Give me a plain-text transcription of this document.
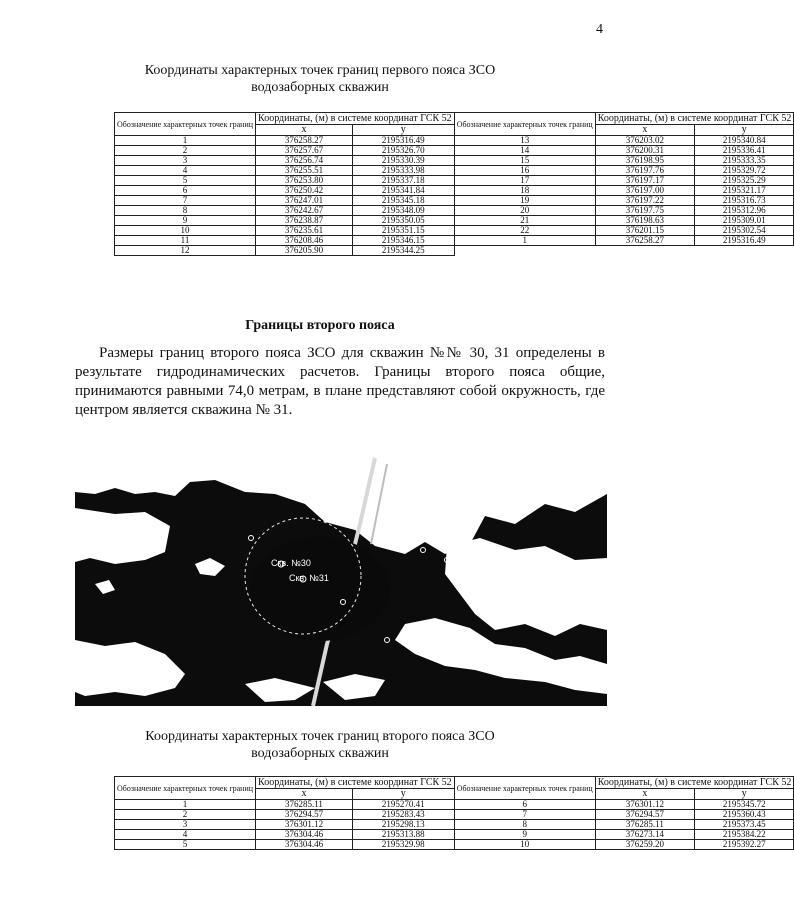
4
Координаты характерных точек границ первого пояса ЗСО
водозаборных скважин
Обозначение характерных точек границ	Координаты, (м) в системе координат ГСК 52		Обозначение характерных точек границ	Координаты, (м) в системе координат ГСК 52	
	x	y		x	y
1	376258.27	2195316.49	13	376203.02	2195340.84
2	376257.67	2195326.70	14	376200.31	2195336.41
3	376256.74	2195330.39	15	376198.95	2195333.35
4	376255.51	2195333.98	16	376197.76	2195329.72
5	376253.80	2195337.18	17	376197.17	2195325.29
6	376250.42	2195341.84	18	376197.00	2195321.17
7	376247.01	2195345.18	19	376197.22	2195316.73
8	376242.67	2195348.09	20	376197.75	2195312.96
9	376238.87	2195350.05	21	376198.63	2195309.01
10	376235.61	2195351.15	22	376201.15	2195302.54
11	376208.46	2195346.15	1	376258.27	2195316.49
12	376205.90	2195344.25			
Границы второго пояса
Размеры границ второго пояса ЗСО для скважин №№ 30, 31 определены в результате гидродинамических расчетов. Границы второго пояса общие, принимаются равными 74,0 метрам, в плане представляют собой окружность, где центром является скважина № 31.
Скв. №30
Скв. №31
Координаты характерных точек границ второго пояса ЗСО
водозаборных скважин
Обозначение характерных точек границ	Координаты, (м) в системе координат ГСК 52		Обозначение характерных точек границ	Координаты, (м) в системе координат ГСК 52	
	x	y		x	y
1	376285.11	2195270.41	6	376301.12	2195345.72
2	376294.57	2195283.43	7	376294.57	2195360.43
3	376301.12	2195298.13	8	376285.11	2195373.45
4	376304.46	2195313.88	9	376273.14	2195384.22
5	376304.46	2195329.98	10	376259.20	2195392.27
